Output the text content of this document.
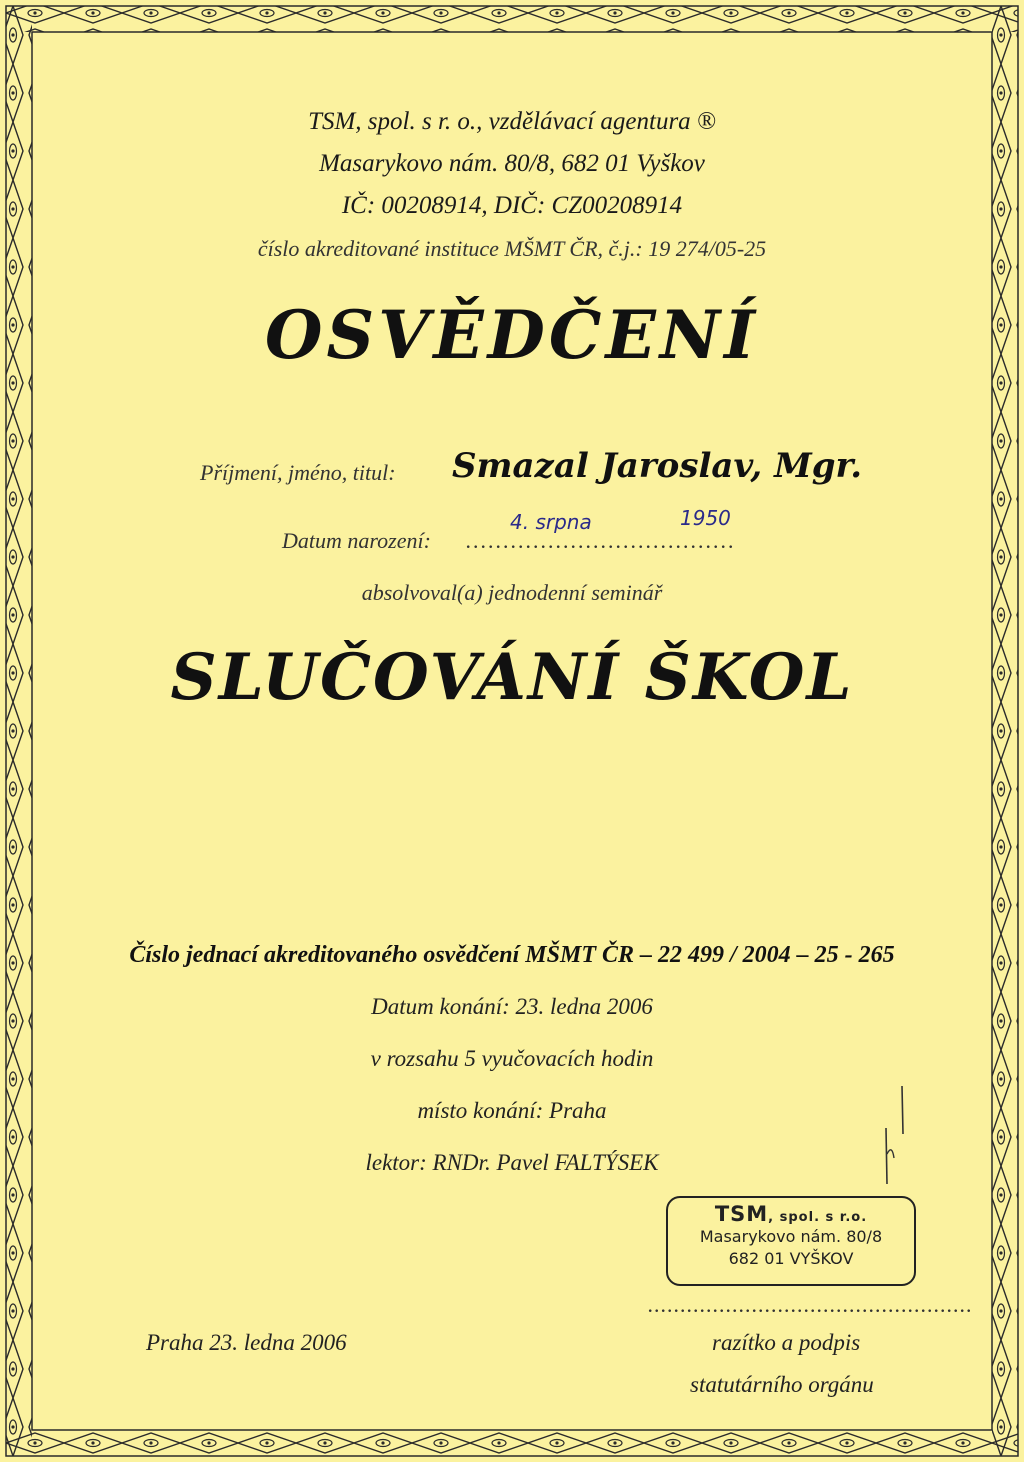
TSM, spol. s r. o., vzdělávací agentura ®
Masarykovo nám. 80/8, 682 01 Vyškov
IČ: 00208914, DIČ: CZ00208914
číslo akreditované instituce MŠMT ČR, č.j.: 19 274/05-25
OSVĚDČENÍ
Příjmení, jméno, titul: Smazal Jaroslav, Mgr.
Datum narození: ....................................
4. srpna	1950
absolvoval(a) jednodenní seminář
SLUČOVÁNÍ ŠKOL
Číslo jednací akreditovaného osvědčení MŠMT ČR – 22 499 / 2004 – 25 - 265
Datum konání: 23. ledna 2006
v rozsahu 5 vyučovacích hodin
místo konání: Praha
lektor: RNDr. Pavel FALTÝSEK
TSM, spol. s r.o.
Masarykovo nám. 80/8
682 01 VYŠKOV
..................................................
Praha 23. ledna 2006	razítko a podpis
statutárního orgánu
